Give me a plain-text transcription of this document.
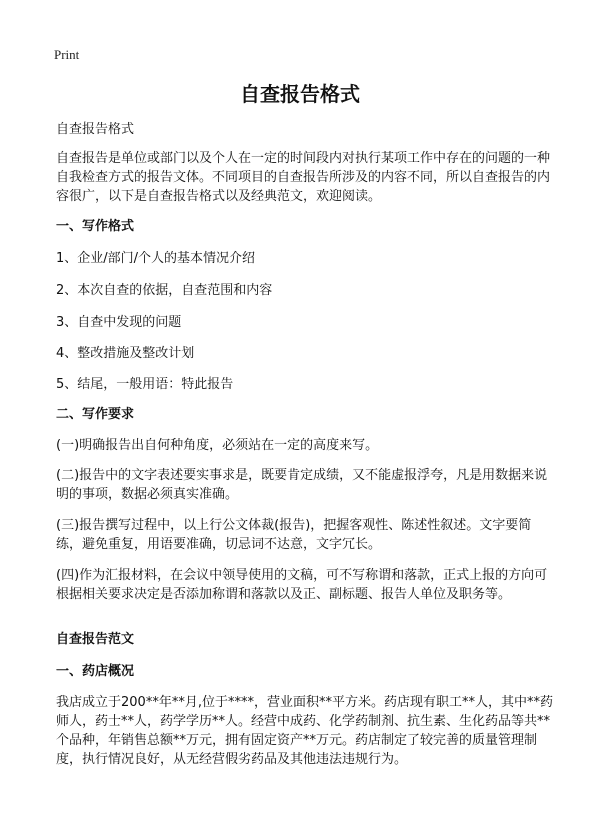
Print
自查报告格式
自查报告格式
自查报告是单位或部门以及个人在一定的时间段内对执行某项工作中存在的问题的一种自我检查方式的报告文体。不同项目的自查报告所涉及的内容不同，所以自查报告的内容很广，以下是自查报告格式以及经典范文，欢迎阅读。
一、写作格式
1、企业/部门/个人的基本情况介绍
2、本次自查的依据，自查范围和内容
3、自查中发现的问题
4、整改措施及整改计划
5、结尾，一般用语：特此报告
二、写作要求
(一)明确报告出自何种角度，必须站在一定的高度来写。
(二)报告中的文字表述要实事求是，既要肯定成绩，又不能虚报浮夸，凡是用数据来说明的事项，数据必须真实准确。
(三)报告撰写过程中，以上行公文体裁(报告)，把握客观性、陈述性叙述。文字要简练，避免重复，用语要准确，切忌词不达意，文字冗长。
(四)作为汇报材料，在会议中领导使用的文稿，可不写称谓和落款，正式上报的方向可根据相关要求决定是否添加称谓和落款以及正、副标题、报告人单位及职务等。
自查报告范文
一、药店概况
我店成立于200**年**月,位于****，营业面积**平方米。药店现有职工**人，其中**药师人，药士**人，药学学历**人。经营中成药、化学药制剂、抗生素、生化药品等共**个品种，年销售总额**万元，拥有固定资产**万元。药店制定了较完善的质量管理制度，执行情况良好，从无经营假劣药品及其他违法违规行为。
